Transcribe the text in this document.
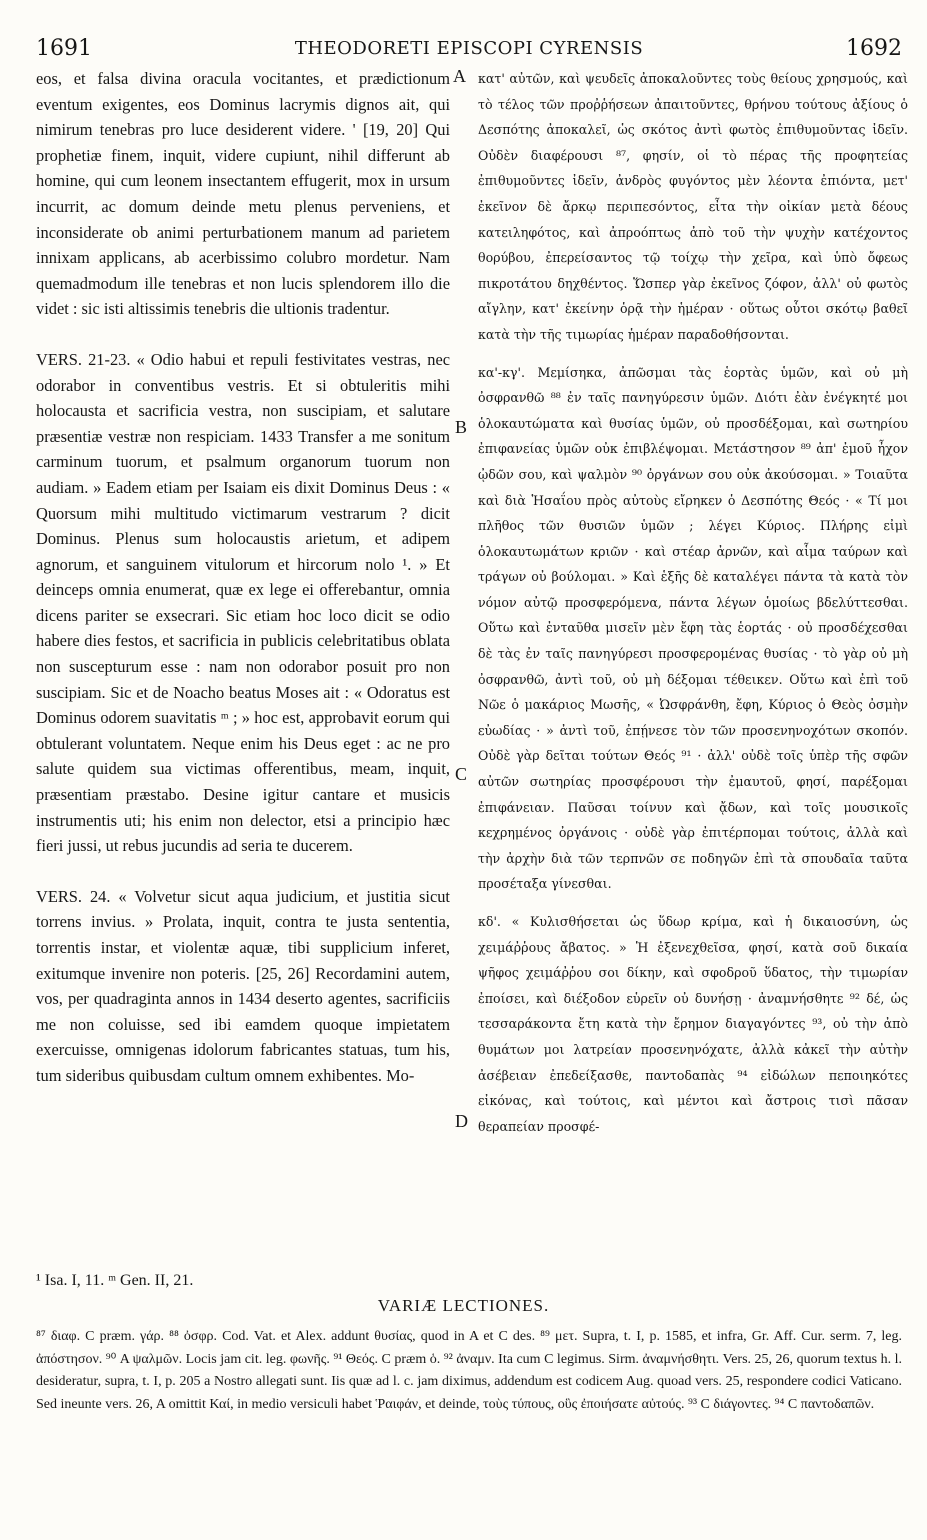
1691	THEODORETI EPISCOPI CYRENSIS	1692

eos, et falsa divina oracula vocitantes, et prædictionum eventum exigentes, eos Dominus lacrymis dignos ait, qui nimirum tenebras pro luce desiderent videre. ' [19, 20] Qui prophetiæ finem, inquit, videre cupiunt, nihil differunt ab homine, qui cum leonem insectantem effugerit, mox in ursum incurrit, ac domum deinde metu plenus perveniens, et inconsiderate ob animi perturbationem manum ad parietem innixam applicans, ab acerbissimo colubro mordetur. Nam quemadmodum ille tenebras et non lucis splendorem illo die videt : sic isti altissimis tenebris die ultionis tradentur.

VERS. 21-23. « Odio habui et repuli festivitates vestras, nec odorabor in conventibus vestris. Et si obtuleritis mihi holocausta et sacrificia vestra, non suscipiam, et salutare præsentiæ vestræ non respiciam. 1433 Transfer a me sonitum carminum tuorum, et psalmum organorum tuorum non audiam. » Eadem etiam per Isaiam eis dixit Dominus Deus : « Quorsum mihi multitudo victimarum vestrarum ? dicit Dominus. Plenus sum holocaustis arietum, et adipem agnorum, et sanguinem vitulorum et hircorum nolo ¹. » Et deinceps omnia enumerat, quæ ex lege ei offerebantur, omnia dicens pariter se exsecrari. Sic etiam hoc loco dicit se odio habere dies festos, et sacrificia in publicis celebritatibus oblata non suscepturum esse : nam non odorabor posuit pro non suscipiam. Sic et de Noacho beatus Moses ait : « Odoratus est Dominus odorem suavitatis ᵐ ; » hoc est, approbavit eorum qui obtulerant voluntatem. Neque enim his Deus eget : ac ne pro salute quidem sua victimas offerentibus, meam, inquit, præsentiam præstabo. Desine igitur cantare et musicis instrumentis uti; his enim non delector, etsi a principio hæc fieri jussi, ut rebus jucundis ad seria te ducerem.

VERS. 24. « Volvetur sicut aqua judicium, et justitia sicut torrens invius. » Prolata, inquit, contra te justa sententia, torrentis instar, et violentæ aquæ, tibi supplicium inferet, exitumque invenire non poteris. [25, 26] Recordamini autem, vos, per quadraginta annos in 1434 deserto agentes, sacrificiis me non coluisse, sed ibi eamdem quoque impietatem exercuisse, omnigenas idolorum fabricantes statuas, tum his, tum sideribus quibusdam cultum omnem exhibentes. Mo-

A
B
C
D

κατ' αὐτῶν, καὶ ψευδεῖς ἀποκαλοῦντες τοὺς θείους χρησμούς, καὶ τὸ τέλος τῶν προῤῥήσεων ἀπαιτοῦντες, θρήνου τούτους ἀξίους ὁ Δεσπότης ἀποκαλεῖ, ὡς σκότος ἀντὶ φωτὸς ἐπιθυμοῦντας ἰδεῖν. Οὐδὲν διαφέρουσι ⁸⁷, φησίν, οἱ τὸ πέρας τῆς προφητείας ἐπιθυμοῦντες ἰδεῖν, ἀνδρὸς φυγόντος μὲν λέοντα ἐπιόντα, μετ' ἐκεῖνον δὲ ἄρκῳ περιπεσόντος, εἶτα τὴν οἰκίαν μετὰ δέους κατειληφότος, καὶ ἀπροόπτως ἀπὸ τοῦ τὴν ψυχὴν κατέχοντος θορύβου, ἐπερείσαντος τῷ τοίχῳ τὴν χεῖρα, καὶ ὑπὸ ὄφεως πικροτάτου δηχθέντος. Ὥσπερ γὰρ ἐκεῖνος ζόφον, ἀλλ' οὐ φωτὸς αἴγλην, κατ' ἐκείνην ὁρᾷ τὴν ἡμέραν · οὕτως οὗτοι σκότῳ βαθεῖ κατὰ τὴν τῆς τιμωρίας ἡμέραν παραδοθήσονται.

κα'-κγ'. Μεμίσηκα, ἀπῶσμαι τὰς ἑορτὰς ὑμῶν, καὶ οὐ μὴ ὀσφρανθῶ ⁸⁸ ἐν ταῖς πανηγύρεσιν ὑμῶν. Διότι ἐὰν ἐνέγκητέ μοι ὁλοκαυτώματα καὶ θυσίας ὑμῶν, οὐ προσδέξομαι, καὶ σωτηρίου ἐπιφανείας ὑμῶν οὐκ ἐπιβλέψομαι. Μετάστησον ⁸⁹ ἀπ' ἐμοῦ ἦχον ᾠδῶν σου, καὶ ψαλμὸν ⁹⁰ ὀργάνων σου οὐκ ἀκούσομαι. » Τοιαῦτα καὶ διὰ Ἡσαΐου πρὸς αὐτοὺς εἴρηκεν ὁ Δεσπότης Θεός · « Τί μοι πλῆθος τῶν θυσιῶν ὑμῶν ; λέγει Κύριος. Πλήρης εἰμὶ ὁλοκαυτωμάτων κριῶν · καὶ στέαρ ἀρνῶν, καὶ αἷμα ταύρων καὶ τράγων οὐ βούλομαι. » Καὶ ἑξῆς δὲ καταλέγει πάντα τὰ κατὰ τὸν νόμον αὐτῷ προσφερόμενα, πάντα λέγων ὁμοίως βδελύττεσθαι. Οὕτω καὶ ἐνταῦθα μισεῖν μὲν ἔφη τὰς ἑορτάς · οὐ προσδέχεσθαι δὲ τὰς ἐν ταῖς πανηγύρεσι προσφερομένας θυσίας · τὸ γὰρ οὐ μὴ ὀσφρανθῶ, ἀντὶ τοῦ, οὐ μὴ δέξομαι τέθεικεν. Οὕτω καὶ ἐπὶ τοῦ Νῶε ὁ μακάριος Μωσῆς, « Ὠσφράνθη, ἔφη, Κύριος ὁ Θεὸς ὀσμὴν εὐωδίας · » ἀντὶ τοῦ, ἐπῄνεσε τὸν τῶν προσενηνοχότων σκοπόν. Οὐδὲ γὰρ δεῖται τούτων Θεός ⁹¹ · ἀλλ' οὐδὲ τοῖς ὑπὲρ τῆς σφῶν αὐτῶν σωτηρίας προσφέρουσι τὴν ἐμαυτοῦ, φησί, παρέξομαι ἐπιφάνειαν. Παῦσαι τοίνυν καὶ ᾄδων, καὶ τοῖς μουσικοῖς κεχρημένος ὀργάνοις · οὐδὲ γὰρ ἐπιτέρπομαι τούτοις, ἀλλὰ καὶ τὴν ἀρχὴν διὰ τῶν τερπνῶν σε ποδηγῶν ἐπὶ τὰ σπουδαῖα ταῦτα προσέταξα γίνεσθαι.

κδ'. « Κυλισθήσεται ὡς ὕδωρ κρίμα, καὶ ἡ δικαιοσύνη, ὡς χειμάῤῥους ἄβατος. » Ἡ ἐξενεχθεῖσα, φησί, κατὰ σοῦ δικαία ψῆφος χειμάῤῥου σοι δίκην, καὶ σφοδροῦ ὕδατος, τὴν τιμωρίαν ἐποίσει, καὶ διέξοδον εὑρεῖν οὐ δυνήσῃ · ἀναμνήσθητε ⁹² δέ, ὡς τεσσαράκοντα ἔτη κατὰ τὴν ἔρημον διαγαγόντες ⁹³, οὐ τὴν ἀπὸ θυμάτων μοι λατρείαν προσενηνόχατε, ἀλλὰ κἀκεῖ τὴν αὐτὴν ἀσέβειαν ἐπεδείξασθε, παντοδαπὰς ⁹⁴ εἰδώλων πεποιηκότες εἰκόνας, καὶ τούτοις, καὶ μέντοι καὶ ἄστροις τισὶ πᾶσαν θεραπείαν προσφέ-

¹ Isa. I, 11. ᵐ Gen. II, 21.
VARIÆ LECTIONES.

⁸⁷ διαφ. C præm. γάρ. ⁸⁸ ὀσφρ. Cod. Vat. et Alex. addunt θυσίας, quod in A et C des. ⁸⁹ μετ. Supra, t. I, p. 1585, et infra, Gr. Aff. Cur. serm. 7, leg. ἀπόστησον. ⁹⁰ A ψαλμῶν. Locis jam cit. leg. φωνῆς. ⁹¹ Θεός. C præm ὁ. ⁹² ἀναμν. Ita cum C legimus. Sirm. ἀναμνήσθητι. Vers. 25, 26, quorum textus h. l. desideratur, supra, t. I, p. 205 a Nostro allegati sunt. Iis quæ ad l. c. jam diximus, addendum est codicem Aug. quoad vers. 25, respondere codici Vaticano. Sed ineunte vers. 26, A omittit Καί, in medio versiculi habet Ῥαιφάν, et deinde, τοὺς τύπους, οὓς ἐποιήσατε αὐτούς. ⁹³ C διάγοντες. ⁹⁴ C παντοδαπῶν.
